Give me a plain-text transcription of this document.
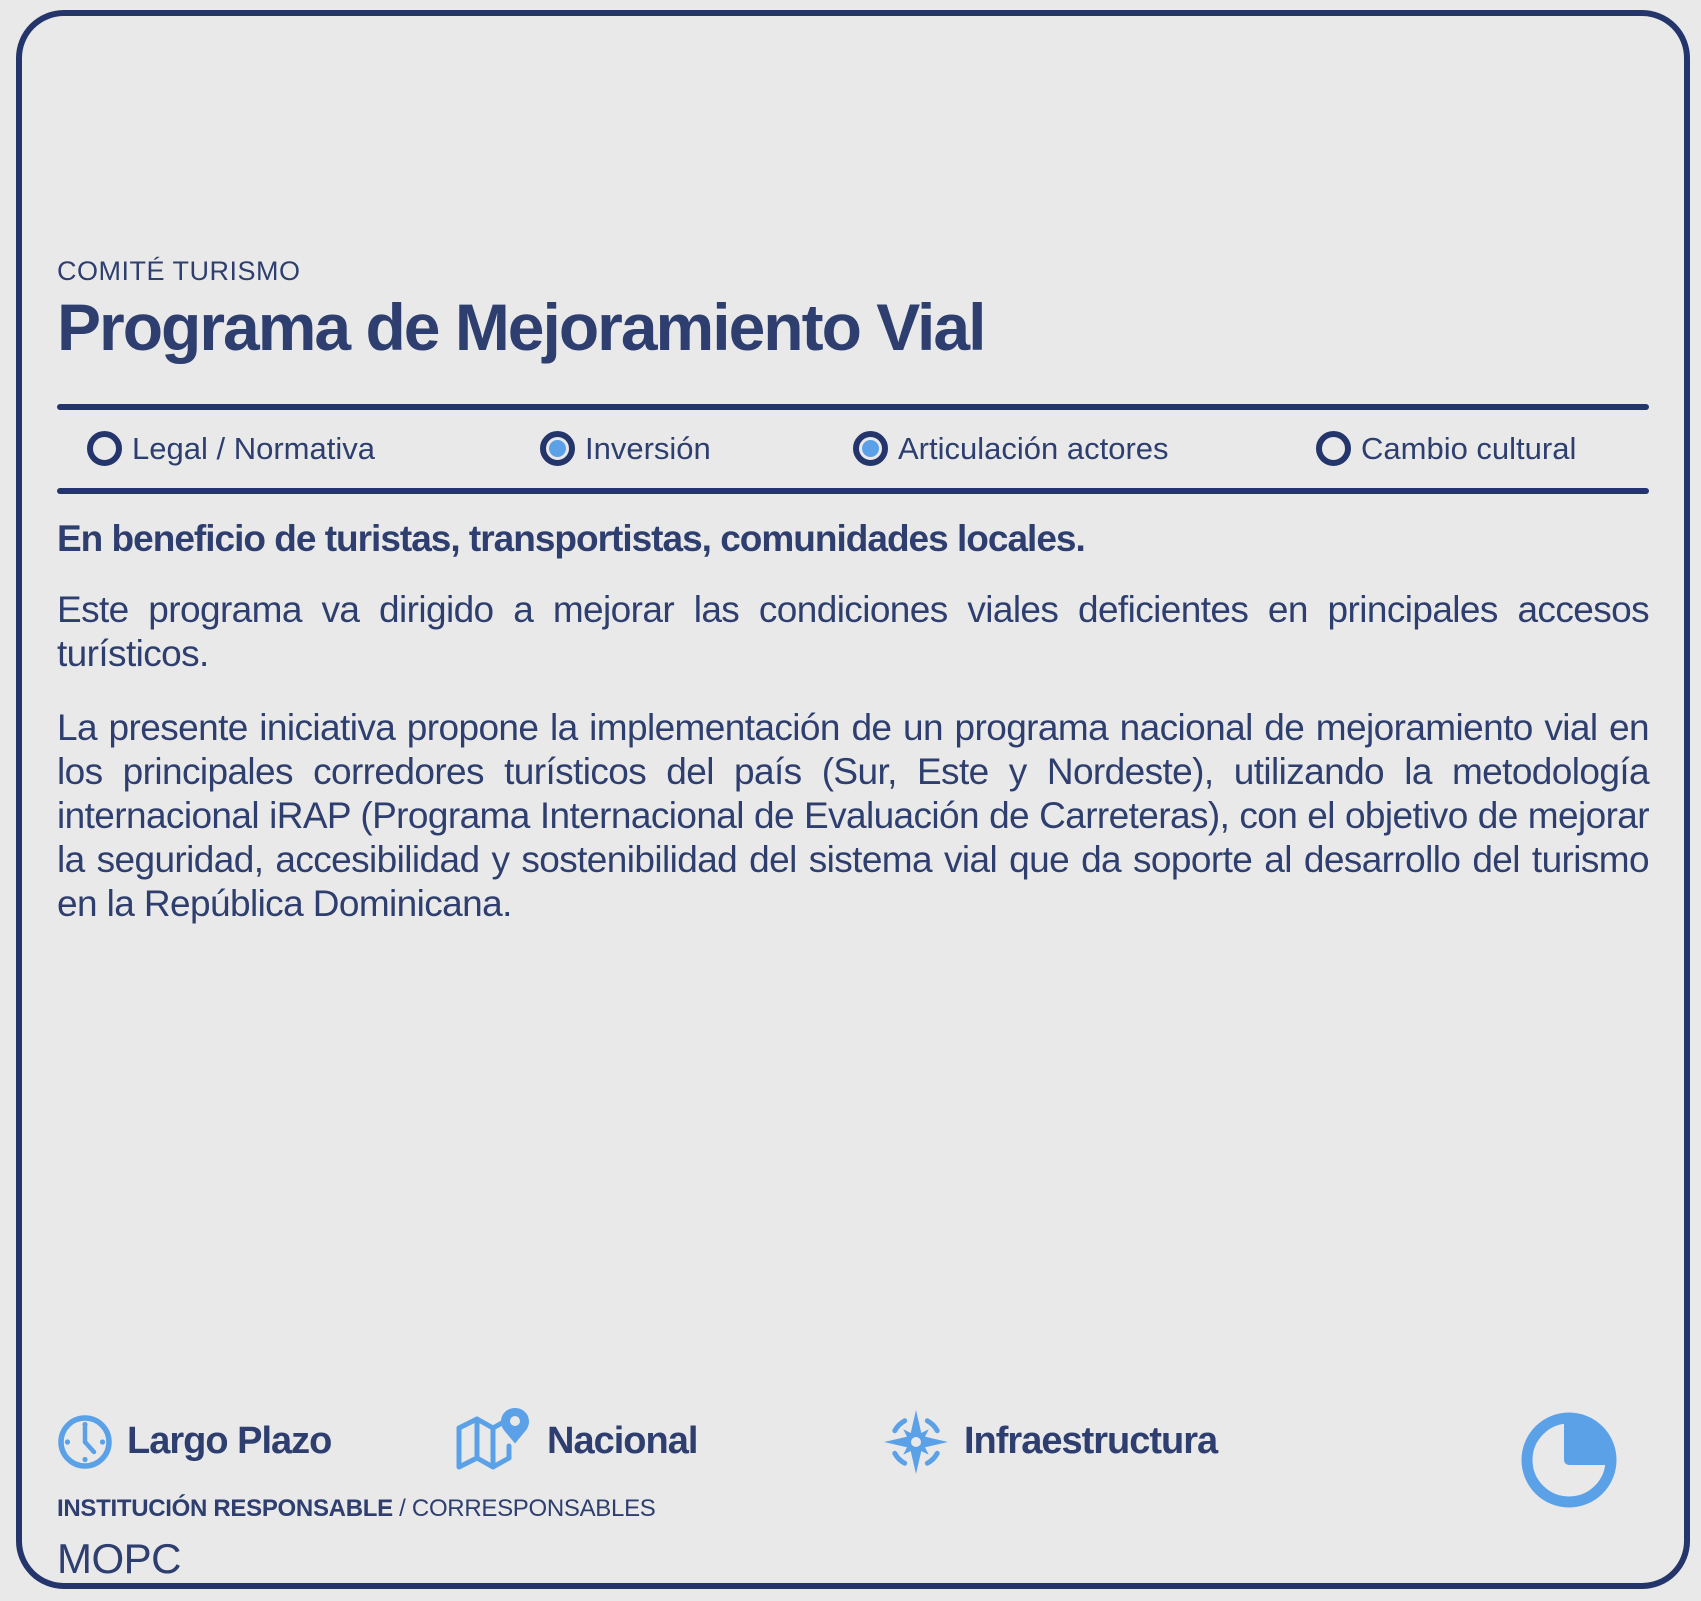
COMITÉ TURISMO
Programa de Mejoramiento Vial
Legal / Normativa	Inversión	Articulación actores	Cambio cultural

En beneficio de turistas, transportistas, comunidades locales.

Este programa va dirigido a mejorar las condiciones viales deficientes en principales accesos turísticos.

La presente iniciativa propone la implementación de un programa nacional de mejoramiento vial en los principales corredores turísticos del país (Sur, Este y Nordeste), utilizando la metodología internacional iRAP (Programa Internacional de Evaluación de Carreteras), con el objetivo de mejorar la seguridad, accesibilidad y sostenibilidad del sistema vial que da soporte al desarrollo del turismo en la República Dominicana.

Largo Plazo	Nacional	Infraestructura
INSTITUCIÓN RESPONSABLE / CORRESPONSABLES
MOPC
